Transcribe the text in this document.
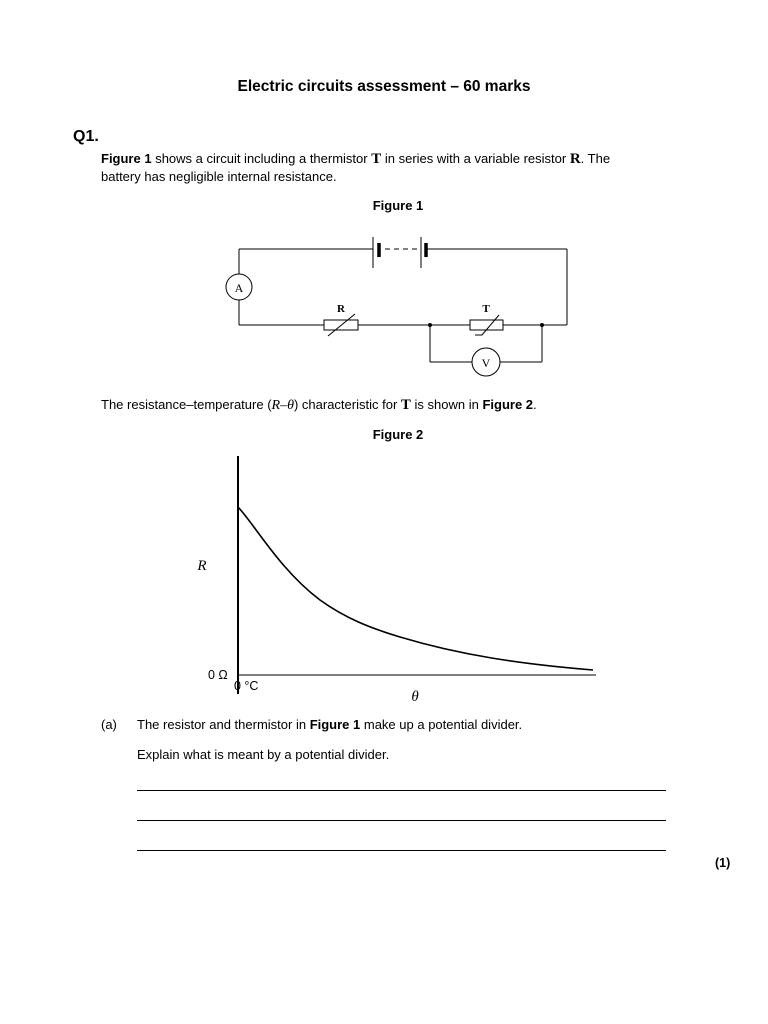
Electric circuits assessment – 60 marks
Q1.
Figure 1 shows a circuit including a thermistor T in series with a variable resistor R. The
battery has negligible internal resistance.
Figure 1
A
V
R	T
The resistance–temperature (R–θ) characteristic for T is shown in Figure 2.
Figure 2
R
θ
0 Ω
0 °C
(a) The resistor and thermistor in Figure 1 make up a potential divider.
Explain what is meant by a potential divider.
(1)
